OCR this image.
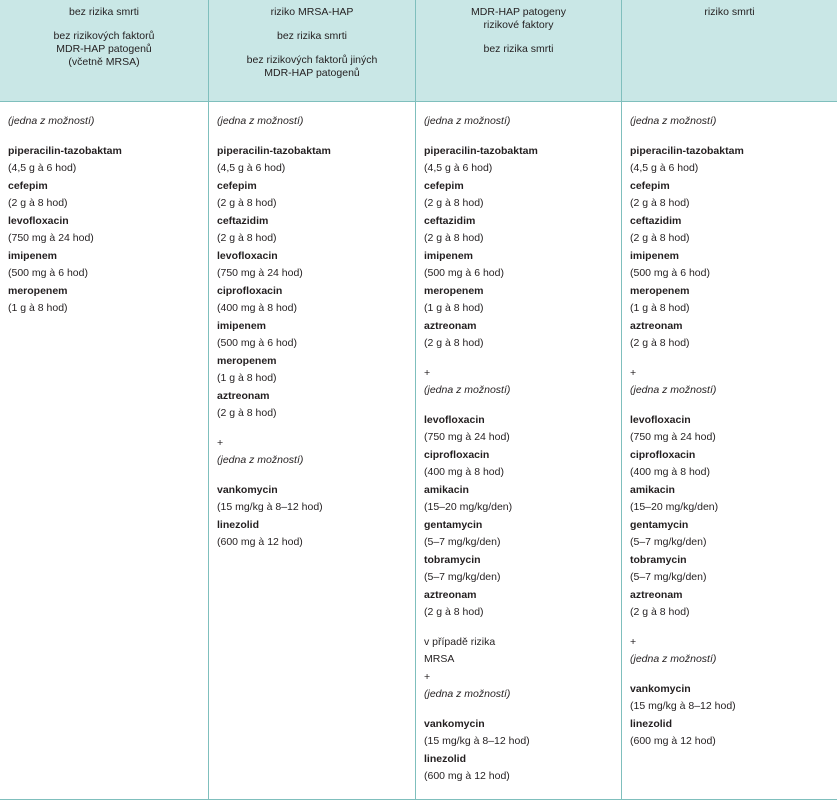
bez rizika smrti
bez rizikových faktorů
MDR-HAP patogenů
(včetně MRSA)
(jedna z možností)
piperacilin-tazobaktam
(4,5 g à 6 hod)
cefepim
(2 g à 8 hod)
levofloxacin
(750 mg à 24 hod)
imipenem
(500 mg à 6 hod)
meropenem
(1 g à 8 hod)
riziko MRSA-HAP
bez rizika smrti
bez rizikových faktorů jiných
MDR-HAP patogenů
(jedna z možností)
piperacilin-tazobaktam
(4,5 g à 6 hod)
cefepim
(2 g à 8 hod)
ceftazidim
(2 g à 8 hod)
levofloxacin
(750 mg à 24 hod)
ciprofloxacin
(400 mg à 8 hod)
imipenem
(500 mg à 6 hod)
meropenem
(1 g à 8 hod)
aztreonam
(2 g à 8 hod)
+
(jedna z možností)
vankomycin
(15 mg/kg à 8–12 hod)
linezolid
(600 mg à 12 hod)
MDR-HAP patogeny
rizikové faktory
bez rizika smrti
(jedna z možností)
piperacilin-tazobaktam
(4,5 g à 6 hod)
cefepim
(2 g à 8 hod)
ceftazidim
(2 g à 8 hod)
imipenem
(500 mg à 6 hod)
meropenem
(1 g à 8 hod)
aztreonam
(2 g à 8 hod)
+
(jedna z možností)
levofloxacin
(750 mg à 24 hod)
ciprofloxacin
(400 mg à 8 hod)
amikacin
(15–20 mg/kg/den)
gentamycin
(5–7 mg/kg/den)
tobramycin
(5–7 mg/kg/den)
aztreonam
(2 g à 8 hod)
v případě rizika
MRSA
+
(jedna z možností)
vankomycin
(15 mg/kg à 8–12 hod)
linezolid
(600 mg à 12 hod)
riziko smrti
(jedna z možností)
piperacilin-tazobaktam
(4,5 g à 6 hod)
cefepim
(2 g à 8 hod)
ceftazidim
(2 g à 8 hod)
imipenem
(500 mg à 6 hod)
meropenem
(1 g à 8 hod)
aztreonam
(2 g à 8 hod)
+
(jedna z možností)
levofloxacin
(750 mg à 24 hod)
ciprofloxacin
(400 mg à 8 hod)
amikacin
(15–20 mg/kg/den)
gentamycin
(5–7 mg/kg/den)
tobramycin
(5–7 mg/kg/den)
aztreonam
(2 g à 8 hod)
+
(jedna z možností)
vankomycin
(15 mg/kg à 8–12 hod)
linezolid
(600 mg à 12 hod)
